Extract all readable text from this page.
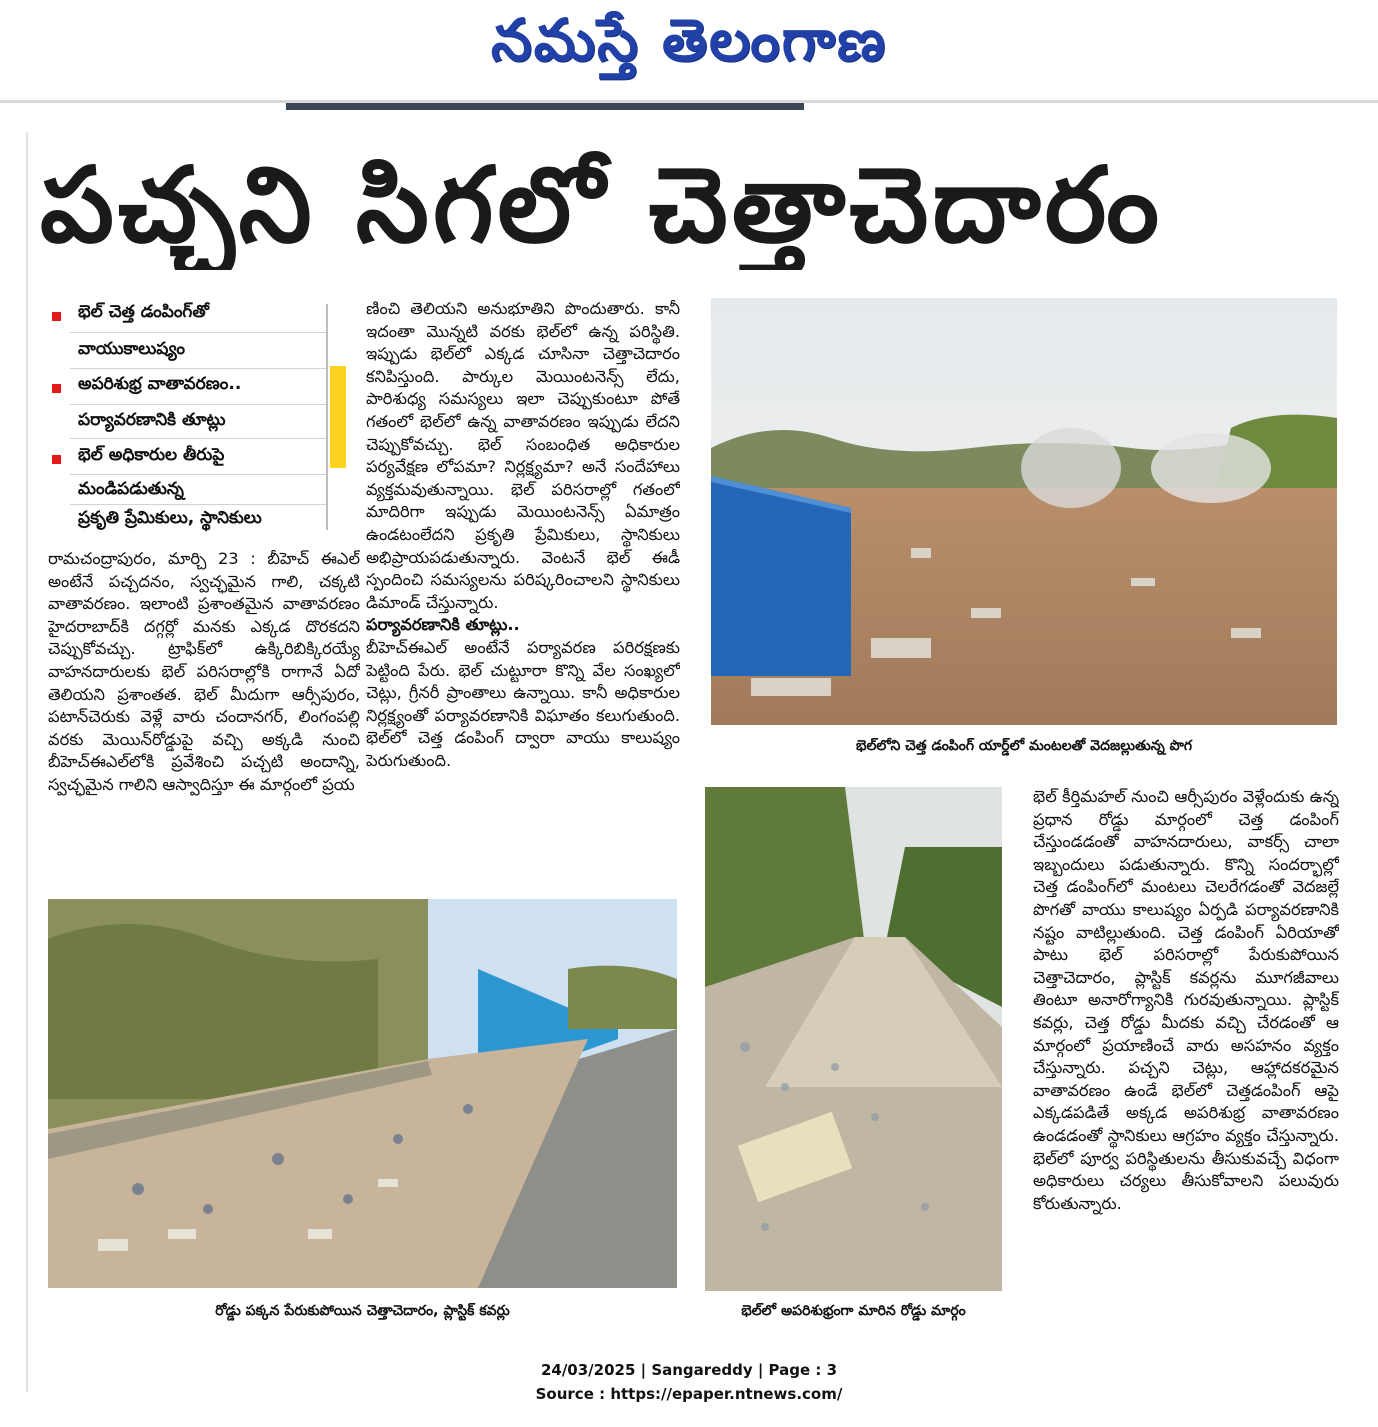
నమస్తే తెలంగాణ
పచ్చని సిగలో చెత్తాచెదారం
భెల్ చెత్త డంపింగ్‌తో
వాయుకాలుష్యం
అపరిశుభ్ర వాతావరణం..
పర్యావరణానికి తూట్లు
భెల్ అధికారుల తీరుపై
మండిపడుతున్న
ప్రకృతి ప్రేమికులు, స్థానికులు

రామచంద్రాపురం, మార్చి 23 : బీహెచ్ ఈఎల్ అంటేనే పచ్చదనం, స్వచ్ఛమైన గాలి, చక్కటి వాతావరణం. ఇలాంటి ప్రశాంతమైన వాతావరణం హైదరాబాద్‌కి దగ్గర్లో మనకు ఎక్కడ దొరకదని చెప్పుకోవచ్చు. ట్రాఫిక్‌లో ఉక్కిరిబిక్కిరయ్యే వాహనదారులకు భెల్ పరిసరాల్లోకి రాగానే ఏదో తెలియని ప్రశాంతత. భెల్ మీదుగా ఆర్సీపురం, పటాన్‌చెరుకు వెళ్లే వారు చందానగర్, లింగంపల్లి వరకు మెయిన్‌రోడ్డుపై వచ్చి అక్కడి నుంచి బీహెచ్ఈఎల్‌లోకి ప్రవేశించి పచ్చటి అందాన్ని, స్వచ్ఛమైన గాలిని ఆస్వాదిస్తూ ఈ మార్గంలో ప్రయ

ణించి తెలియని అనుభూతిని పొందుతారు. కానీ ఇదంతా మొన్నటి వరకు భెల్‌లో ఉన్న పరిస్థితి. ఇప్పుడు భెల్‌లో ఎక్కడ చూసినా చెత్తాచెదారం కనిపిస్తుంది. పార్కుల మెయింటనెన్స్ లేదు, పారిశుధ్య సమస్యలు ఇలా చెప్పుకుంటూ పోతే గతంలో భెల్‌లో ఉన్న వాతావరణం ఇప్పుడు లేదని చెప్పుకోవచ్చు. భెల్ సంబంధిత అధికారుల పర్యవేక్షణ లోపమా? నిర్లక్ష్యమా? అనే సందేహాలు వ్యక్తమవుతున్నాయి. భెల్ పరిసరాల్లో గతంలో మాదిరిగా ఇప్పుడు మెయింటనెన్స్ ఏమాత్రం ఉండటంలేదని ప్రకృతి ప్రేమికులు, స్థానికులు అభిప్రాయపడుతున్నారు. వెంటనే భెల్ ఈడీ స్పందించి సమస్యలను పరిష్కరించాలని స్థానికులు డిమాండ్ చేస్తున్నారు.

పర్యావరణానికి తూట్లు..

బీహెచ్ఈఎల్ అంటేనే పర్యావరణ పరిరక్షణకు పెట్టింది పేరు. భెల్ చుట్టూరా కొన్ని వేల సంఖ్యలో చెట్లు, గ్రీనరీ ప్రాంతాలు ఉన్నాయి. కానీ అధికారుల నిర్లక్ష్యంతో పర్యావరణానికి విఘాతం కలుగుతుంది. భెల్‌లో చెత్త డంపింగ్ ద్వారా వాయు కాలుష్యం పెరుగుతుంది.

భెల్‌లోని చెత్త డంపింగ్ యార్డ్‌లో మంటలతో వెదజల్లుతున్న పొగ
రోడ్డు పక్కన పేరుకుపోయిన చెత్తాచెదారం, ప్లాస్టిక్ కవర్లు	భెల్‌లో అపరిశుభ్రంగా మారిన రోడ్డు మార్గం

భెల్ కీర్తిమహల్ నుంచి ఆర్సీపురం వెళ్లేందుకు ఉన్న ప్రధాన రోడ్డు మార్గంలో చెత్త డంపింగ్ చేస్తుండడంతో వాహనదారులు, వాకర్స్ చాలా ఇబ్బందులు పడుతున్నారు. కొన్ని సందర్భాల్లో చెత్త డంపింగ్‌లో మంటలు చెలరేగడంతో వెదజల్లే పొగతో వాయు కాలుష్యం ఏర్పడి పర్యావరణానికి నష్టం వాటిల్లుతుంది. చెత్త డంపింగ్ ఏరియాతో పాటు భెల్ పరిసరాల్లో పేరుకుపోయిన చెత్తాచెదారం, ప్లాస్టిక్ కవర్లను మూగజీవాలు తింటూ అనారోగ్యానికి గురవుతున్నాయి. ప్లాస్టిక్ కవర్లు, చెత్త రోడ్డు మీదకు వచ్చి చేరడంతో ఆ మార్గంలో ప్రయాణించే వారు అసహనం వ్యక్తం చేస్తున్నారు. పచ్చని చెట్లు, ఆహ్లాదకరమైన వాతావరణం ఉండే భెల్‌లో చెత్తడంపింగ్ ఆపై ఎక్కడపడితే అక్కడ అపరిశుభ్ర వాతావరణం ఉండడంతో స్థానికులు ఆగ్రహం వ్యక్తం చేస్తున్నారు. భెల్‌లో పూర్వ పరిస్థితులను తీసుకువచ్చే విధంగా అధికారులు చర్యలు తీసుకోవాలని పలువురు కోరుతున్నారు.

24/03/2025 | Sangareddy | Page : 3
Source : https://epaper.ntnews.com/
